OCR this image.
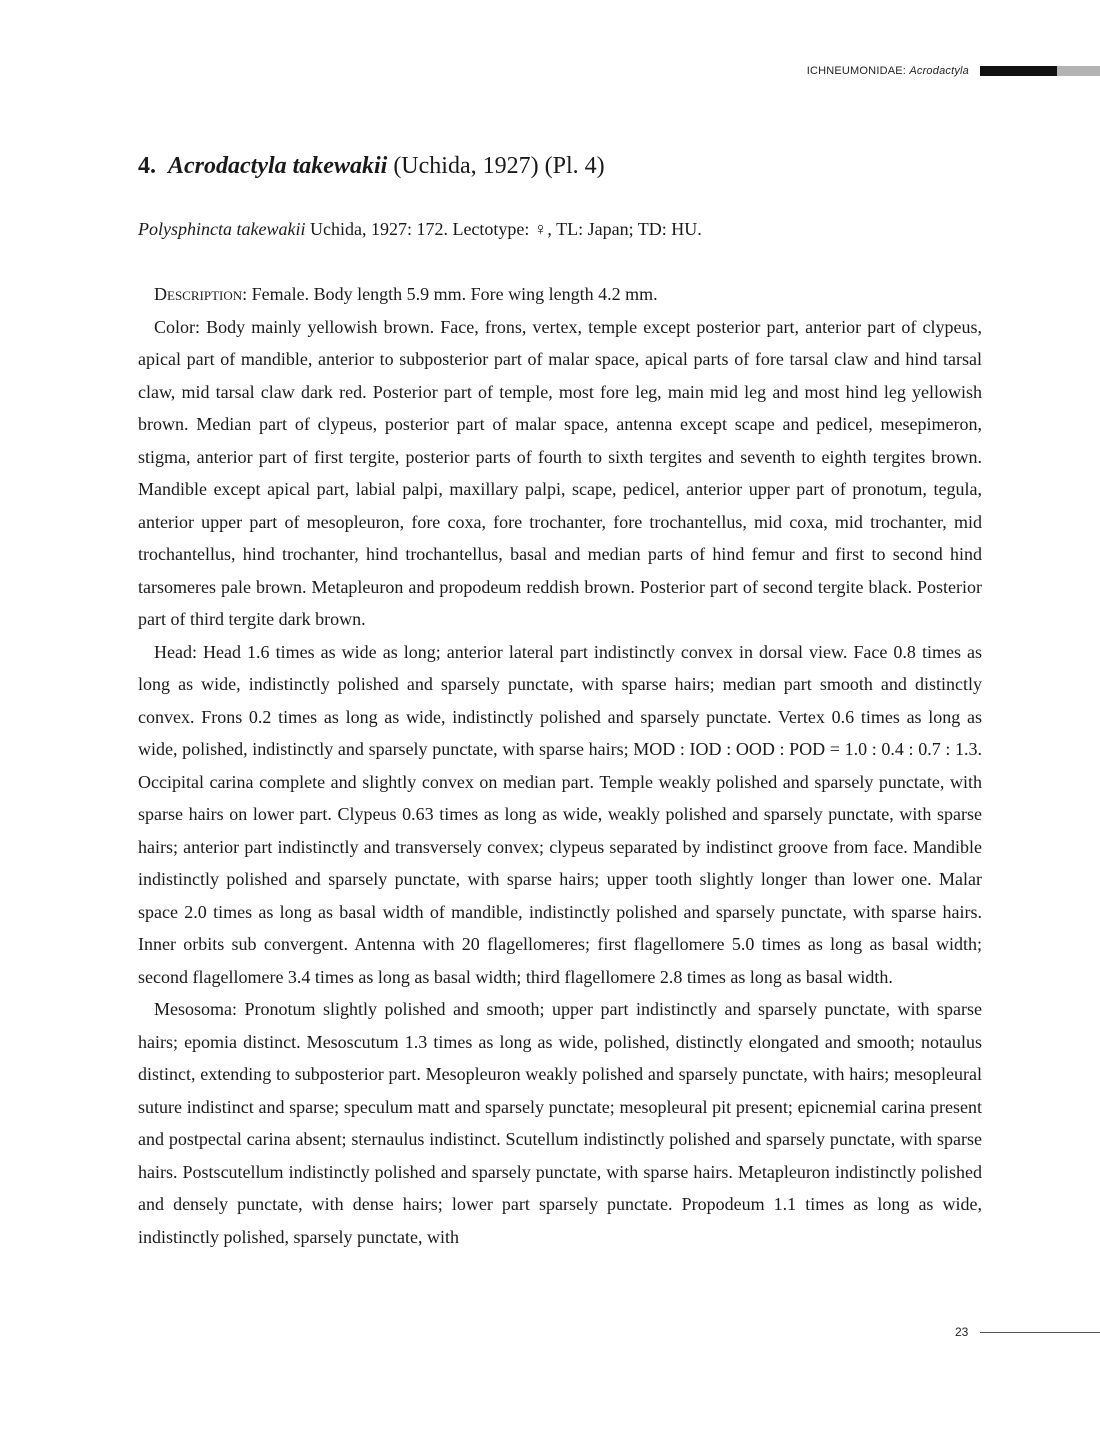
ICHNEUMONIDAE: Acrodactyla
4. Acrodactyla takewakii (Uchida, 1927) (Pl. 4)
Polysphincta takewakii Uchida, 1927: 172. Lectotype: ♀, TL: Japan; TD: HU.

Description: Female. Body length 5.9 mm. Fore wing length 4.2 mm.

Color: Body mainly yellowish brown. Face, frons, vertex, temple except posterior part, anterior part of clypeus, apical part of mandible, anterior to subposterior part of malar space, apical parts of fore tarsal claw and hind tarsal claw, mid tarsal claw dark red. Posterior part of temple, most fore leg, main mid leg and most hind leg yellowish brown. Median part of clypeus, posterior part of malar space, antenna except scape and pedicel, mesepimeron, stigma, anterior part of first tergite, posterior parts of fourth to sixth tergites and seventh to eighth tergites brown. Mandible except apical part, labial palpi, maxillary palpi, scape, pedicel, anterior upper part of pronotum, tegula, anterior upper part of mesopleuron, fore coxa, fore trochanter, fore trochantellus, mid coxa, mid trochanter, mid trochantellus, hind trochanter, hind trochantellus, basal and median parts of hind femur and first to second hind tarsomeres pale brown. Metapleuron and propodeum reddish brown. Posterior part of second tergite black. Posterior part of third tergite dark brown.

Head: Head 1.6 times as wide as long; anterior lateral part indistinctly convex in dorsal view. Face 0.8 times as long as wide, indistinctly polished and sparsely punctate, with sparse hairs; median part smooth and distinctly convex. Frons 0.2 times as long as wide, indistinctly polished and sparsely punctate. Vertex 0.6 times as long as wide, polished, indistinctly and sparsely punctate, with sparse hairs; MOD : IOD : OOD : POD = 1.0 : 0.4 : 0.7 : 1.3. Occipital carina complete and slightly convex on median part. Temple weakly polished and sparsely punctate, with sparse hairs on lower part. Clypeus 0.63 times as long as wide, weakly polished and sparsely punctate, with sparse hairs; anterior part indistinctly and transversely convex; clypeus separated by indistinct groove from face. Mandible indistinctly polished and sparsely punctate, with sparse hairs; upper tooth slightly longer than lower one. Malar space 2.0 times as long as basal width of mandible, indistinctly polished and sparsely punctate, with sparse hairs. Inner orbits sub convergent. Antenna with 20 flagellomeres; first flagellomere 5.0 times as long as basal width; second flagellomere 3.4 times as long as basal width; third flagellomere 2.8 times as long as basal width.

Mesosoma: Pronotum slightly polished and smooth; upper part indistinctly and sparsely punctate, with sparse hairs; epomia distinct. Mesoscutum 1.3 times as long as wide, polished, distinctly elongated and smooth; notaulus distinct, extending to subposterior part. Mesopleuron weakly polished and sparsely punctate, with hairs; mesopleural suture indistinct and sparse; speculum matt and sparsely punctate; mesopleural pit present; epicnemial carina present and postpectal carina absent; sternaulus indistinct. Scutellum indistinctly polished and sparsely punctate, with sparse hairs. Postscutellum indistinctly polished and sparsely punctate, with sparse hairs. Metapleuron indistinctly polished and densely punctate, with dense hairs; lower part sparsely punctate. Propodeum 1.1 times as long as wide, indistinctly polished, sparsely punctate, with

23
